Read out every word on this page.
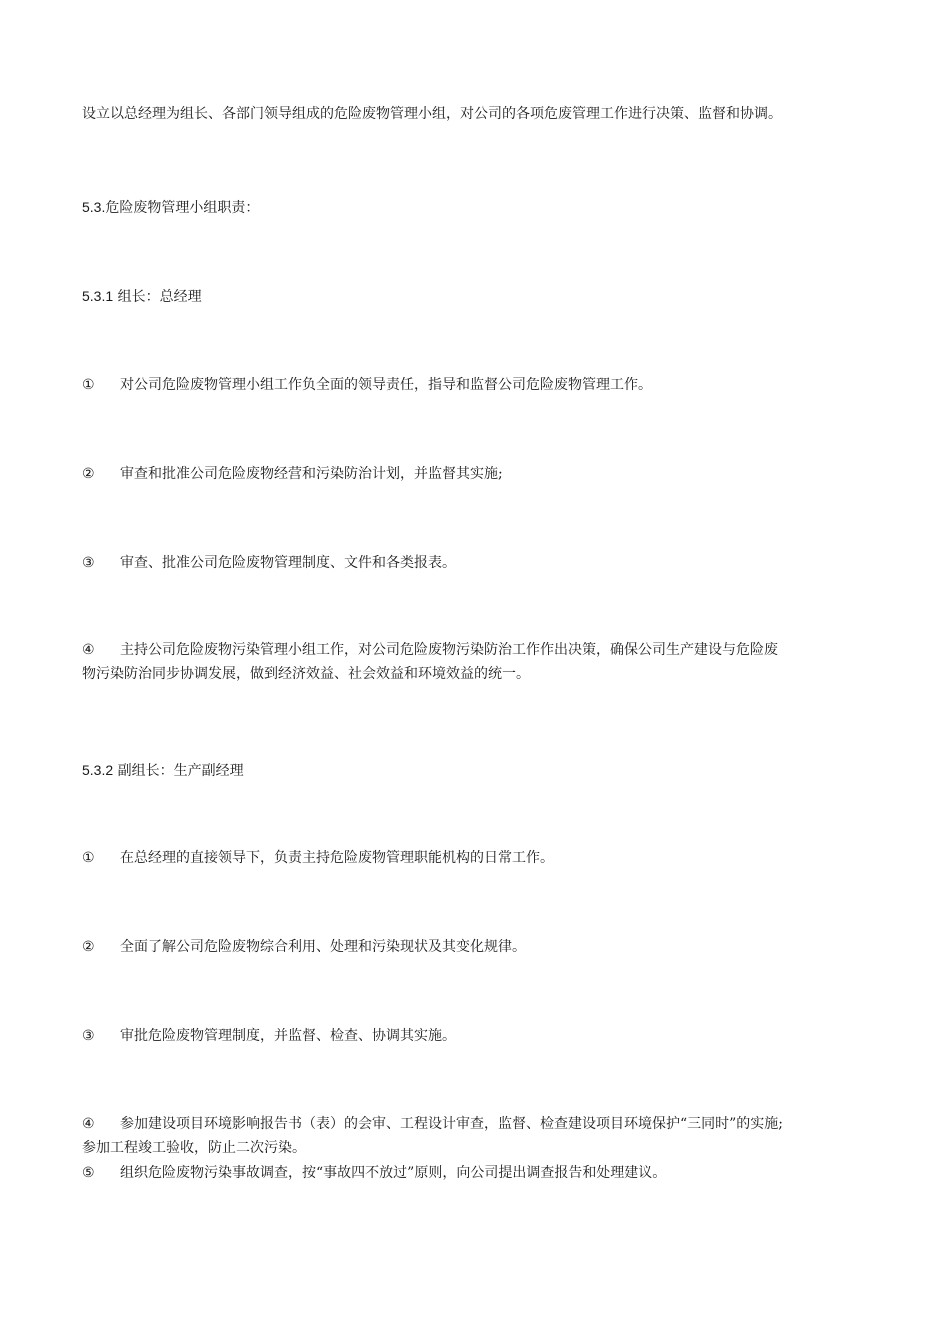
设立以总经理为组长、各部门领导组成的危险废物管理小组，对公司的各项危废管理工作进行决策、监督和协调。
5.3.危险废物管理小组职责：
5.3.1 组长：总经理
① 对公司危险废物管理小组工作负全面的领导责任，指导和监督公司危险废物管理工作。
② 审查和批准公司危险废物经营和污染防治计划，并监督其实施;
③ 审查、批准公司危险废物管理制度、文件和各类报表。
④ 主持公司危险废物污染管理小组工作，对公司危险废物污染防治工作作出决策，确保公司生产建设与危险废
物污染防治同步协调发展，做到经济效益、社会效益和环境效益的统一。
5.3.2 副组长：生产副经理
① 在总经理的直接领导下，负责主持危险废物管理职能机构的日常工作。
② 全面了解公司危险废物综合利用、处理和污染现状及其变化规律。
③ 审批危险废物管理制度，并监督、检查、协调其实施。
④ 参加建设项目环境影响报告书（表）的会审、工程设计审查，监督、检查建设项目环境保护“三同时”的实施;
参加工程竣工验收，防止二次污染。
⑤ 组织危险废物污染事故调查，按“事故四不放过”原则，向公司提出调查报告和处理建议。
